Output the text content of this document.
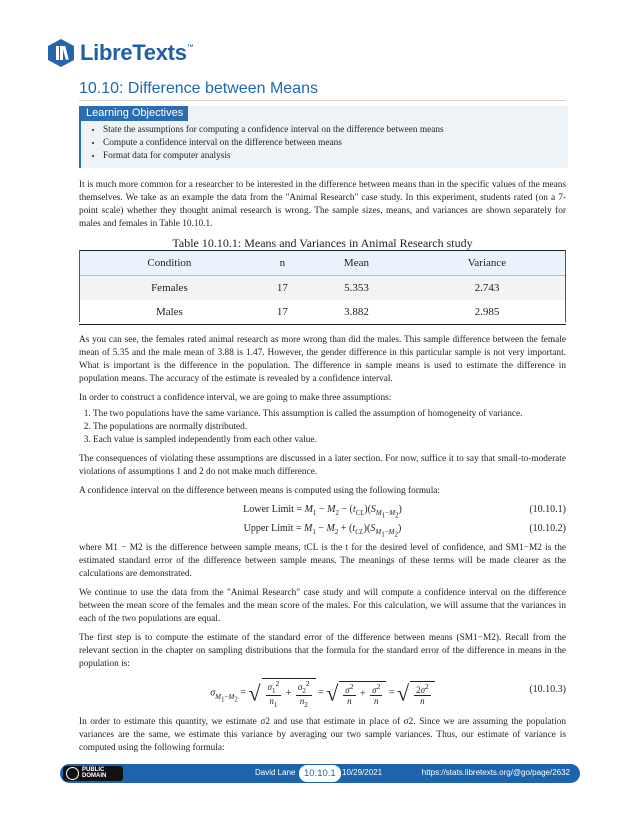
LibreTexts™
10.10: Difference between Means
Learning Objectives
• State the assumptions for computing a confidence interval on the difference between means
• Compute a confidence interval on the difference between means
• Format data for computer analysis

It is much more common for a researcher to be interested in the difference between means than in the specific values of the means themselves. We take as an example the data from the "Animal Research" case study. In this experiment, students rated (on a 7-point scale) whether they thought animal research is wrong. The sample sizes, means, and variances are shown separately for males and females in Table 10.10.1.

Table 10.10.1: Means and Variances in Animal Research study

Condition	n	Mean	Variance
Females	17	5.353	2.743
Males	17	3.882	2.985

As you can see, the females rated animal research as more wrong than did the males. This sample difference between the female mean of 5.35 and the male mean of 3.88 is 1.47. However, the gender difference in this particular sample is not very important. What is important is the difference in the population. The difference in sample means is used to estimate the difference in population means. The accuracy of the estimate is revealed by a confidence interval.

In order to construct a confidence interval, we are going to make three assumptions:

1. The two populations have the same variance. This assumption is called the assumption of homogeneity of variance.
2. The populations are normally distributed.
3. Each value is sampled independently from each other value.

The consequences of violating these assumptions are discussed in a later section. For now, suffice it to say that small-to-moderate violations of assumptions 1 and 2 do not make much difference.

A confidence interval on the difference between means is computed using the following formula:

Lower Limit = $M_1 - M_2 - (t_{CL})(S_{M_1-M_2})$	(10.10.1)
Upper Limit = $M_1 - M_2 + (t_{CL})(S_{M_1-M_2})$	(10.10.2)

where M1 − M2 is the difference between sample means, tCL is the t for the desired level of confidence, and SM1−M2 is the estimated standard error of the difference between sample means. The meanings of these terms will be made clearer as the calculations are demonstrated.

We continue to use the data from the "Animal Research" case study and will compute a confidence interval on the difference between the mean score of the females and the mean score of the males. For this calculation, we will assume that the variances in each of the two populations are equal.

The first step is to compute the estimate of the standard error of the difference between means (SM1−M2). Recall from the relevant section in the chapter on sampling distributions that the formula for the standard error of the difference in means in the population is:

$\sigma_{M_1-M_2}$ = √ $\frac{\sigma_1^2}{n_1} + \frac{\sigma_2^2}{n_2}$ = √ $\frac{\sigma^2}{n} + \frac{\sigma^2}{n}$ = √ $\frac{2\sigma^2}{n}$	(10.10.3)

In order to estimate this quantity, we estimate σ2 and use that estimate in place of σ2. Since we are assuming the population variances are the same, we estimate this variance by averaging our two sample variances. Thus, our estimate of variance is computed using the following formula:

PUBLIC
DOMAIN	David Lane 10.10.1 10/29/2021	https://stats.libretexts.org/@go/page/2632
